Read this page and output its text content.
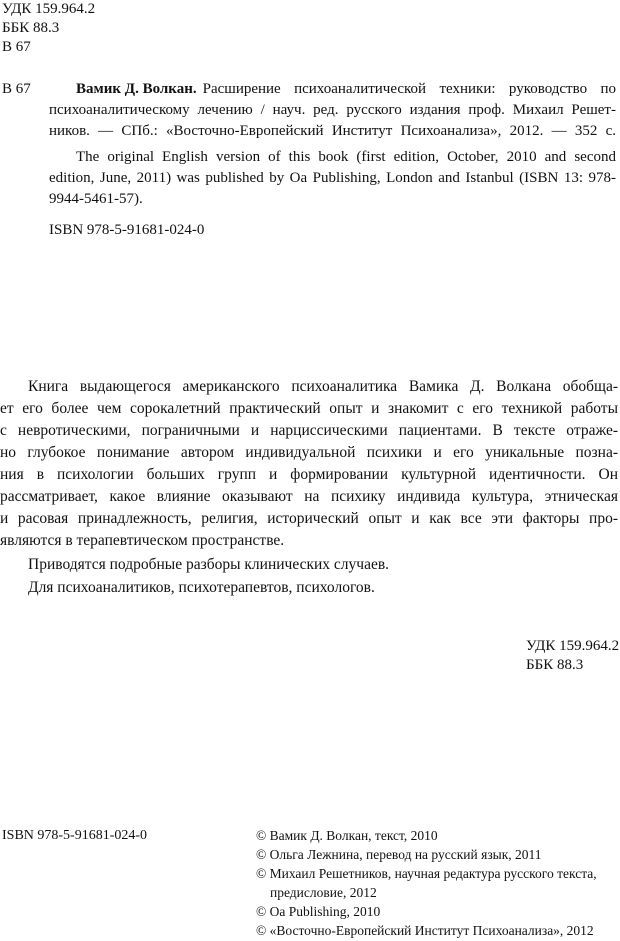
УДК 159.964.2
ББК 88.3
В 67
В 67	Вамик Д. Волкан. Расширение психоаналитической техники: руководство по
психоаналитическому лечению / науч. ред. русского издания проф. Михаил Решет-
ников. — СПб.: «Восточно-Европейский Институт Психоанализа», 2012. — 352 с.
The original English version of this book (first edition, October, 2010 and second
edition, June, 2011) was published by Oa Publishing, London and Istanbul (ISBN 13: 978-
9944-5461-57).
ISBN 978-5-91681-024-0
Книга выдающегося американского психоаналитика Вамика Д. Волкана обобща-
ет его более чем сорокалетний практический опыт и знакомит с его техникой работы
с невротическими, пограничными и нарциссическими пациентами. В тексте отраже-
но глубокое понимание автором индивидуальной психики и его уникальные позна-
ния в психологии больших групп и формировании культурной идентичности. Он
рассматривает, какое влияние оказывают на психику индивида культура, этническая
и расовая принадлежность, религия, исторический опыт и как все эти факторы про-
являются в терапевтическом пространстве.
Приводятся подробные разборы клинических случаев.
Для психоаналитиков, психотерапевтов, психологов.
УДК 159.964.2
ББК 88.3
ISBN 978-5-91681-024-0	© Вамик Д. Волкан, текст, 2010
© Ольга Лежнина, перевод на русский язык, 2011
© Михаил Решетников, научная редактура русского текста,
предисловие, 2012
© Oa Publishing, 2010
© «Восточно-Европейский Институт Психоанализа», 2012
